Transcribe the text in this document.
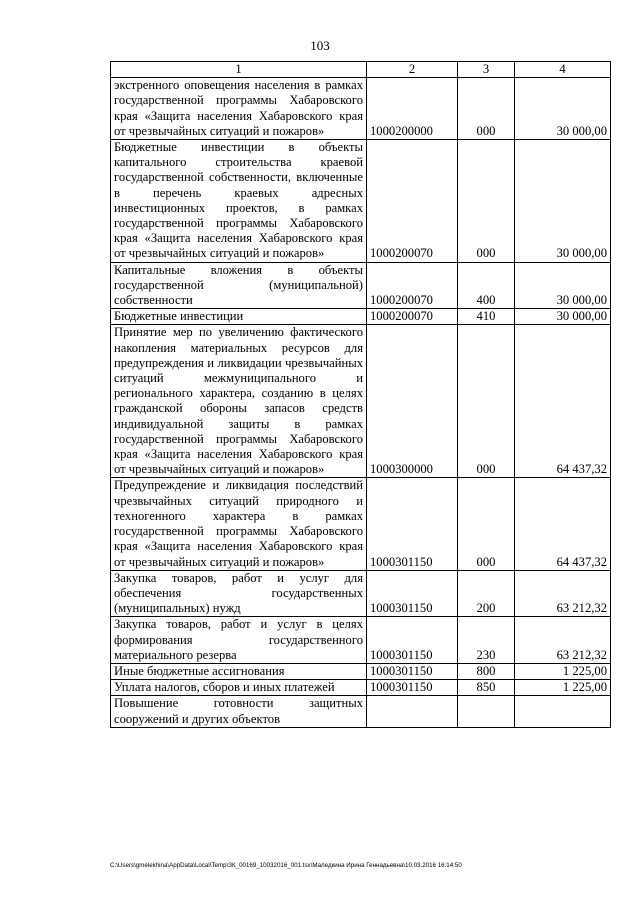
103
1	2	3	4
экстренного оповещения населения в рамках государственной программы Хабаровского края «Защита населения Хабаровского края от чрезвычайных ситуаций и пожаров»	1000200000	000	30 000,00
Бюджетные инвестиции в объекты капитального строительства краевой государственной собственности, включенные в перечень краевых адресных инвестиционных проектов, в рамках государственной программы Хабаровского края «Защита населения Хабаровского края от чрезвычайных ситуаций и пожаров»	1000200070	000	30 000,00
Капитальные вложения в объекты государственной (муниципальной) собственности	1000200070	400	30 000,00
Бюджетные инвестиции	1000200070	410	30 000,00
Принятие мер по увеличению фактического накопления материальных ресурсов для предупреждения и ликвидации чрезвычайных ситуаций межмуниципального и регионального характера, созданию в целях гражданской обороны запасов средств индивидуальной защиты в рамках государственной программы Хабаровского края «Защита населения Хабаровского края от чрезвычайных ситуаций и пожаров»	1000300000	000	64 437,32
Предупреждение и ликвидация последствий чрезвычайных ситуаций природного и техногенного характера в рамках государственной программы Хабаровского края «Защита населения Хабаровского края от чрезвычайных ситуаций и пожаров»	1000301150	000	64 437,32
Закупка товаров, работ и услуг для обеспечения государственных (муниципальных) нужд	1000301150	200	63 212,32
Закупка товаров, работ и услуг в целях формирования государственного материального резерва	1000301150	230	63 212,32
Иные бюджетные ассигнования	1000301150	800	1 225,00
Уплата налогов, сборов и иных платежей	1000301150	850	1 225,00
Повышение готовности защитных сооружений и других объектов			
C:\Users\gmelekhina\AppData\Local\Temp\ЗК_00169_10032016_001.tsx\Маледкина Ирина Геннадьевна\10.03.2016 16:14:50
